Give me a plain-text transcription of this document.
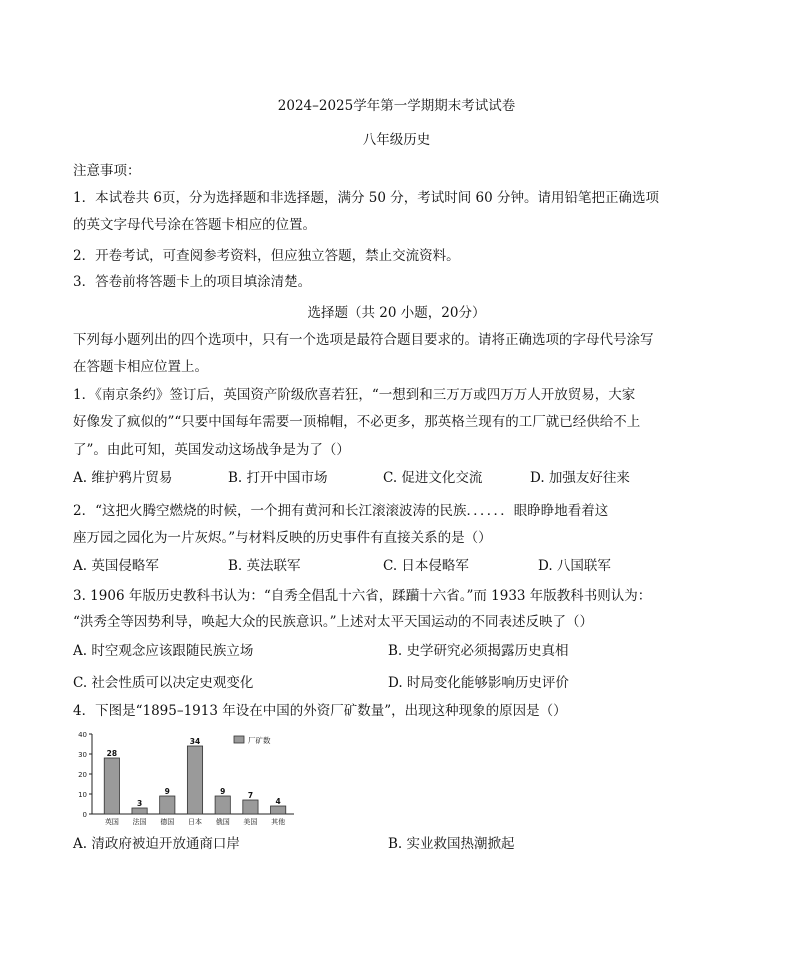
2024–2025学年第一学期期末考试试卷
八年级历史
注意事项：
1．本试卷共 6页，分为选择题和非选择题，满分 50 分，考试时间 60 分钟。请用铅笔把正确选项
的英文字母代号涂在答题卡相应的位置。
2．开卷考试，可查阅参考资料，但应独立答题，禁止交流资料。
3．答卷前将答题卡上的项目填涂清楚。
选择题（共 20 小题，20分）
下列每小题列出的四个选项中，只有一个选项是最符合题目要求的。请将正确选项的字母代号涂写
在答题卡相应位置上。
1．《南京条约》签订后，英国资产阶级欣喜若狂，“一想到和三万万或四万万人开放贸易，大家
好像发了疯似的”“只要中国每年需要一顶棉帽，不必更多，那英格兰现有的工厂就已经供给不上
了”。由此可知，英国发动这场战争是为了（）
A. 维护鸦片贸易	B. 打开中国市场	C. 促进文化交流	D. 加强友好往来
2．“这把火腾空燃烧的时候，一个拥有黄河和长江滚滚波涛的民族．．．．．．眼睁睁地看着这
座万园之园化为一片灰烬。”与材料反映的历史事件有直接关系的是（）
A. 英国侵略军	B. 英法联军	C. 日本侵略军	D. 八国联军
3. 1906 年版历史教科书认为：“自秀全倡乱十六省，蹂躏十六省。”而 1933 年版教科书则认为：
“洪秀全等因势利导，唤起大众的民族意识。”上述对太平天国运动的不同表述反映了（）
A. 时空观念应该跟随民族立场	B. 史学研究必须揭露历史真相
C. 社会性质可以决定史观变化	D. 时局变化能够影响历史评价
4．下图是“1895–1913 年设在中国的外资厂矿数量”，出现这种现象的原因是（）
0
10
20
30
40
28
英国
3
法国
9
德国
34
日本
9
俄国
7
美国
4
其他
厂矿数
A. 清政府被迫开放通商口岸	B. 实业救国热潮掀起
